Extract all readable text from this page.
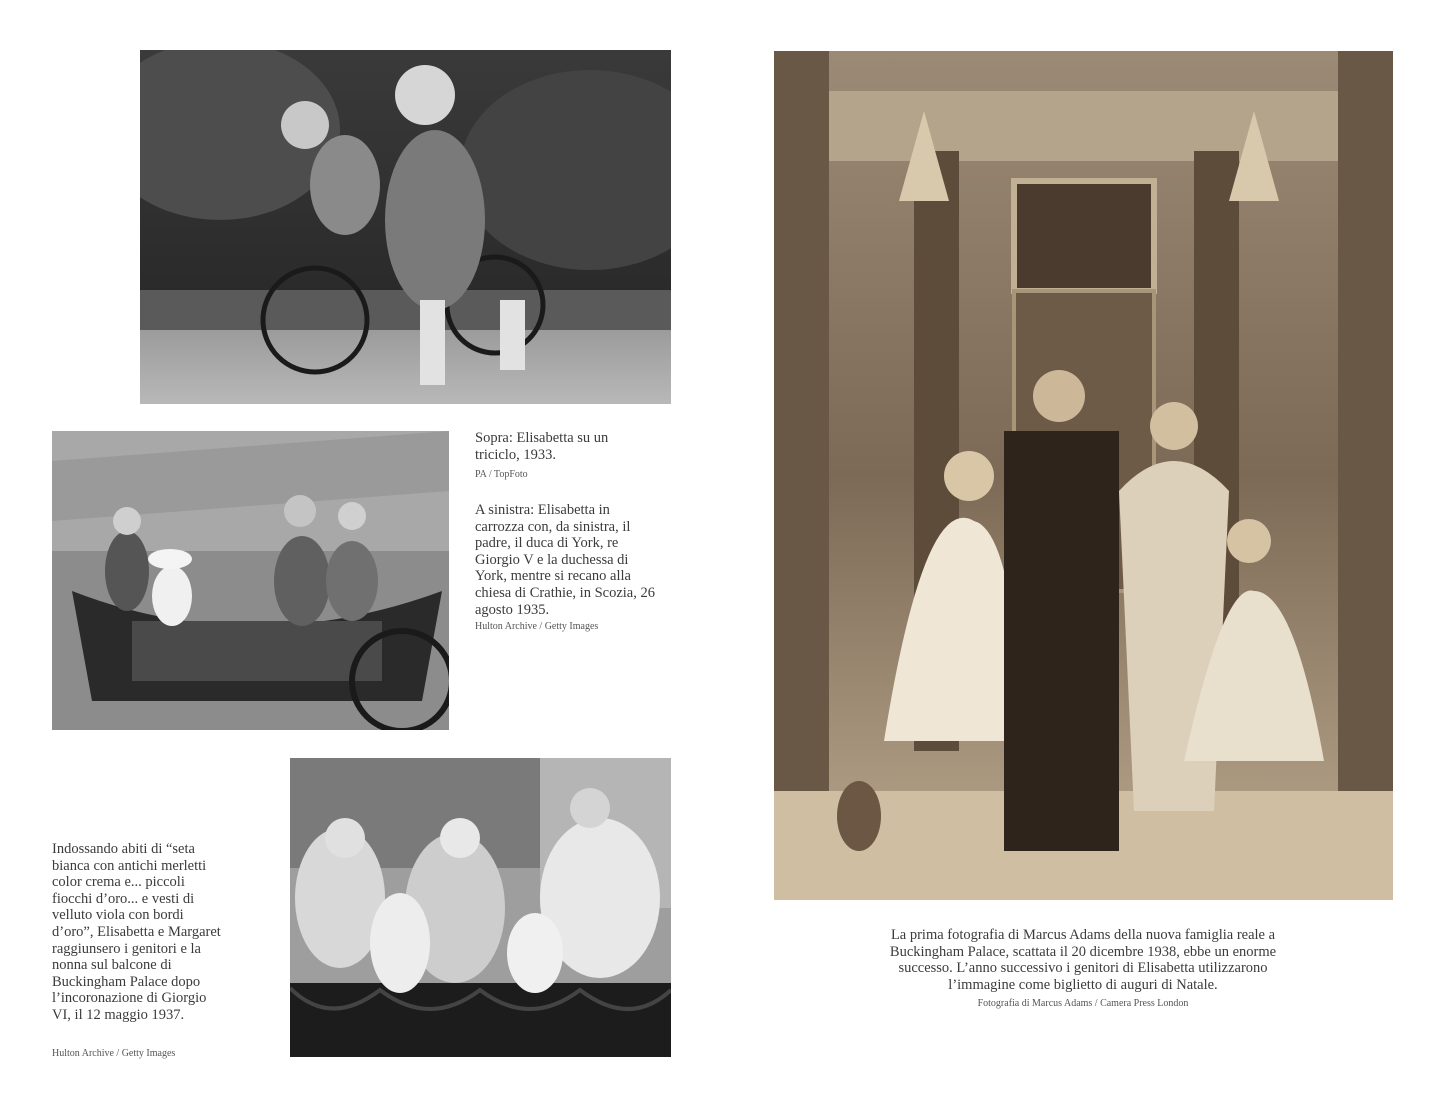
Sopra: Elisabetta su un triciclo, 1933.

PA / TopFoto

A sinistra: Elisabetta in carrozza con, da sinistra, il padre, il duca di York, re Giorgio V e la duchessa di York, mentre si recano alla chiesa di Crathie, in Scozia, 26 agosto 1935.

Hulton Archive / Getty Images

Indossando abiti di “seta bianca con antichi merletti color crema e... piccoli fiocchi d’oro... e vesti di velluto viola con bordi d’oro”, Elisabetta e Margaret raggiunsero i genitori e la nonna sul balcone di Buckingham Palace dopo l’incoronazione di Giorgio VI, il 12 maggio 1937.

Hulton Archive / Getty Images

La prima fotografia di Marcus Adams della nuova famiglia reale a Buckingham Palace, scattata il 20 dicembre 1938, ebbe un enorme successo. L’anno successivo i genitori di Elisabetta utilizzarono l’immagine come biglietto di auguri di Natale.

Fotografia di Marcus Adams / Camera Press London
